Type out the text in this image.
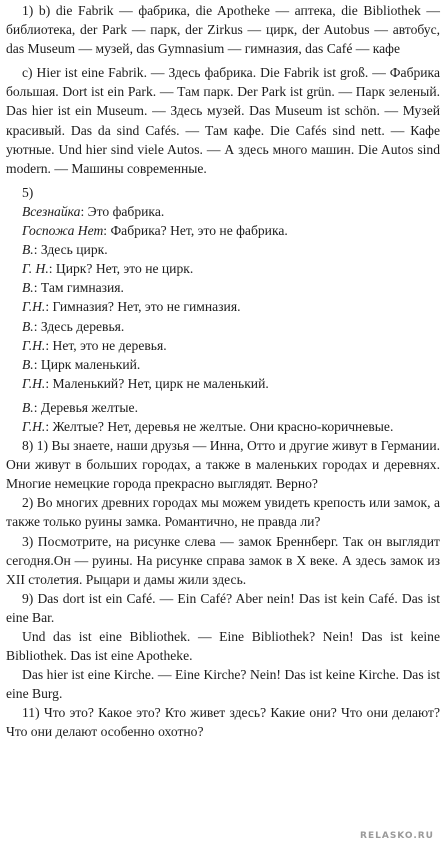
1) b) die Fabrik — фабрика, die Apotheke — аптека, die Bibliothek — библиотека, der Park — парк, der Zirkus — цирк, der Autobus — автобус, das Museum — музей, das Gymnasium — гимназия, das Café — кафе

с) Hier ist eine Fabrik. — Здесь фабрика. Die Fabrik ist groß. — Фабрика большая. Dort ist ein Park. — Там парк. Der Park ist grün. — Парк зеленый. Das hier ist ein Museum. — Здесь музей. Das Museum ist schön. — Музей красивый. Das da sind Cafés. — Там кафе. Die Cafés sind nett. — Кафе уютные. Und hier sind viele Autos. — А здесь много машин. Die Autos sind modern. — Машины современные.

5)

Всезнайка: Это фабрика.

Госпожа Нет: Фабрика? Нет, это не фабрика.

В.: Здесь цирк.

Г. Н.: Цирк? Нет, это не цирк.

В.: Там гимназия.

Г.Н.: Гимназия? Нет, это не гимназия.

В.: Здесь деревья.

Г.Н.: Нет, это не деревья.

В.: Цирк маленький.

Г.Н.: Маленький? Нет, цирк не маленький.

В.: Деревья желтые.

Г.Н.: Желтые? Нет, деревья не желтые. Они красно-коричневые.

8) 1) Вы знаете, наши друзья — Инна, Отто и другие живут в Германии. Они живут в больших городах, а также в маленьких городах и деревнях. Многие немецкие города прекрасно выглядят. Верно?

2) Во многих древних городах мы можем увидеть крепость или замок, а также только руины замка. Романтично, не правда ли?

3) Посмотрите, на рисунке слева — замок Бреннберг. Так он выглядит сегодня.Он — руины. На рисунке справа замок в X веке. А здесь замок из XII столетия. Рыцари и дамы жили здесь.

9) Das dort ist ein Café. — Ein Café? Aber nein! Das ist kein Café. Das ist eine Bar.

Und das ist eine Bibliothek. — Eine Bibliothek? Nein! Das ist keine Bibliothek. Das ist eine Apotheke.

Das hier ist eine Kirche. — Eine Kirche? Nein! Das ist keine Kirche. Das ist eine Burg.

11) Что это? Какое это? Кто живет здесь? Какие они? Что они делают? Что они делают особенно охотно?

RELASKO.RU
